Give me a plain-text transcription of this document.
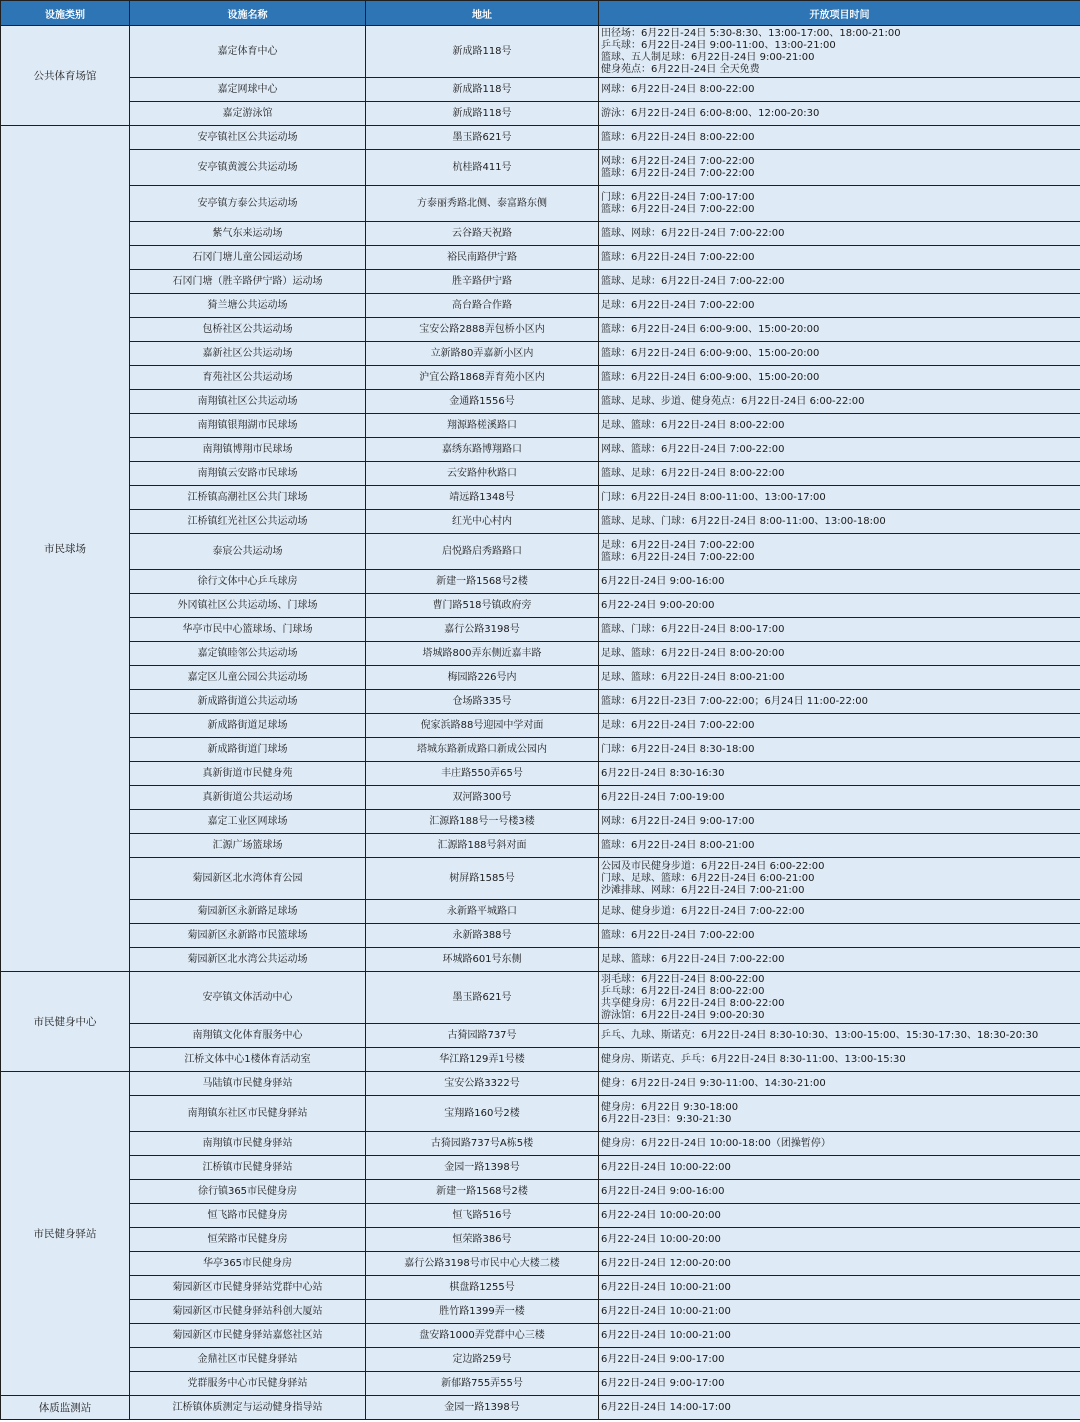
设施类别	设施名称	地址	开放项目时间
公共体育场馆	嘉定体育中心	新成路118号	田径场：6月22日-24日 5:30-8:30、13:00-17:00、18:00-21:00
乒乓球：6月22日-24日 9:00-11:00、13:00-21:00
篮球、五人制足球：6月22日-24日 9:00-21:00
健身苑点：6月22日-24日 全天免费

	嘉定网球中心	新成路118号	网球：6月22日-24日 8:00-22:00

	嘉定游泳馆	新成路118号	游泳：6月22日-24日 6:00-8:00、12:00-20:30

市民球场	安亭镇社区公共运动场	墨玉路621号	篮球：6月22日-24日 8:00-22:00

	安亭镇黄渡公共运动场	杭桂路411号	网球：6月22日-24日 7:00-22:00
篮球：6月22日-24日 7:00-22:00

	安亭镇方泰公共运动场	方泰丽秀路北侧、泰富路东侧	门球：6月22日-24日 7:00-17:00
篮球：6月22日-24日 7:00-22:00

	紫气东来运动场	云谷路天祝路	篮球、网球：6月22日-24日 7:00-22:00

	石冈门塘儿童公园运动场	裕民南路伊宁路	篮球：6月22日-24日 7:00-22:00

	石冈门塘（胜辛路伊宁路）运动场	胜辛路伊宁路	篮球、足球：6月22日-24日 7:00-22:00

	猗兰塘公共运动场	高台路合作路	足球：6月22日-24日 7:00-22:00

	包桥社区公共运动场	宝安公路2888弄包桥小区内	篮球：6月22日-24日 6:00-9:00、15:00-20:00

	嘉新社区公共运动场	立新路80弄嘉新小区内	篮球：6月22日-24日 6:00-9:00、15:00-20:00

	育苑社区公共运动场	沪宜公路1868弄育苑小区内	篮球：6月22日-24日 6:00-9:00、15:00-20:00

	南翔镇社区公共运动场	金通路1556号	篮球、足球、步道、健身苑点：6月22日-24日 6:00-22:00

	南翔镇银翔湖市民球场	翔源路槎溪路口	足球、篮球：6月22日-24日 8:00-22:00

	南翔镇博翔市民球场	嘉绣东路博翔路口	网球、篮球：6月22日-24日 7:00-22:00

	南翔镇云安路市民球场	云安路仲秋路口	篮球、足球：6月22日-24日 8:00-22:00

	江桥镇高潮社区公共门球场	靖远路1348号	门球：6月22日-24日 8:00-11:00、13:00-17:00

	江桥镇红光社区公共运动场	红光中心村内	篮球、足球、门球：6月22日-24日 8:00-11:00、13:00-18:00

	泰宸公共运动场	启悦路启秀路路口	足球：6月22日-24日 7:00-22:00
篮球：6月22日-24日 7:00-22:00

	徐行文体中心乒乓球房	新建一路1568号2楼	6月22日-24日 9:00-16:00

	外冈镇社区公共运动场、门球场	曹门路518号镇政府旁	6月22-24日 9:00-20:00

	华亭市民中心篮球场、门球场	嘉行公路3198号	篮球、门球：6月22日-24日 8:00-17:00

	嘉定镇睦邻公共运动场	塔城路800弄东侧近嘉丰路	足球、篮球：6月22日-24日 8:00-20:00

	嘉定区儿童公园公共运动场	梅园路226号内	足球、篮球：6月22日-24日 8:00-21:00

	新成路街道公共运动场	仓场路335号	篮球：6月22日-23日 7:00-22:00；6月24日 11:00-22:00

	新成路街道足球场	倪家浜路88号迎园中学对面	足球：6月22日-24日 7:00-22:00

	新成路街道门球场	塔城东路新成路口新成公园内	门球：6月22日-24日 8:30-18:00

	真新街道市民健身苑	丰庄路550弄65号	6月22日-24日 8:30-16:30

	真新街道公共运动场	双河路300号	6月22日-24日 7:00-19:00

	嘉定工业区网球场	汇源路188号一号楼3楼	网球：6月22日-24日 9:00-17:00

	汇源广场篮球场	汇源路188号斜对面	篮球：6月22日-24日 8:00-21:00

	菊园新区北水湾体育公园	树屏路1585号	公园及市民健身步道：6月22日-24日 6:00-22:00
门球、足球、篮球：6月22日-24日 6:00-21:00
沙滩排球、网球：6月22日-24日 7:00-21:00

	菊园新区永新路足球场	永新路平城路口	足球、健身步道：6月22日-24日 7:00-22:00

	菊园新区永新路市民篮球场	永新路388号	篮球：6月22日-24日 7:00-22:00

	菊园新区北水湾公共运动场	环城路601号东侧	足球、篮球：6月22日-24日 7:00-22:00

市民健身中心	安亭镇文体活动中心	墨玉路621号	羽毛球：6月22日-24日 8:00-22:00
乒乓球：6月22日-24日 8:00-22:00
共享健身房：6月22日-24日 8:00-22:00
游泳馆：6月22日-24日 9:00-20:30

	南翔镇文化体育服务中心	古猗园路737号	乒乓、九球、斯诺克：6月22日-24日 8:30-10:30、13:00-15:00、15:30-17:30、18:30-20:30

	江桥文体中心1楼体育活动室	华江路129弄1号楼	健身房、斯诺克、乒乓：6月22日-24日 8:30-11:00、13:00-15:30

市民健身驿站	马陆镇市民健身驿站	宝安公路3322号	健身：6月22日-24日 9:30-11:00、14:30-21:00

	南翔镇东社区市民健身驿站	宝翔路160号2楼	健身房：6月22日 9:30-18:00
6月22日-23日：9:30-21:30

	南翔镇市民健身驿站	古猗园路737号A栋5楼	健身房：6月22日-24日 10:00-18:00（团操暂停）

	江桥镇市民健身驿站	金园一路1398号	6月22日-24日 10:00-22:00

	徐行镇365市民健身房	新建一路1568号2楼	6月22日-24日 9:00-16:00

	恒飞路市民健身房	恒飞路516号	6月22-24日 10:00-20:00

	恒荣路市民健身房	恒荣路386号	6月22-24日 10:00-20:00

	华亭365市民健身房	嘉行公路3198号市民中心大楼二楼	6月22日-24日 12:00-20:00

	菊园新区市民健身驿站党群中心站	棋盘路1255号	6月22日-24日 10:00-21:00

	菊园新区市民健身驿站科创大厦站	胜竹路1399弄一楼	6月22日-24日 10:00-21:00

	菊园新区市民健身驿站嘉悠社区站	盘安路1000弄党群中心三楼	6月22日-24日 10:00-21:00

	金鼎社区市民健身驿站	定边路259号	6月22日-24日 9:00-17:00

	党群服务中心市民健身驿站	新郁路755弄55号	6月22日-24日 9:00-17:00

体质监测站	江桥镇体质测定与运动健身指导站	金园一路1398号	6月22日-24日 14:00-17:00
